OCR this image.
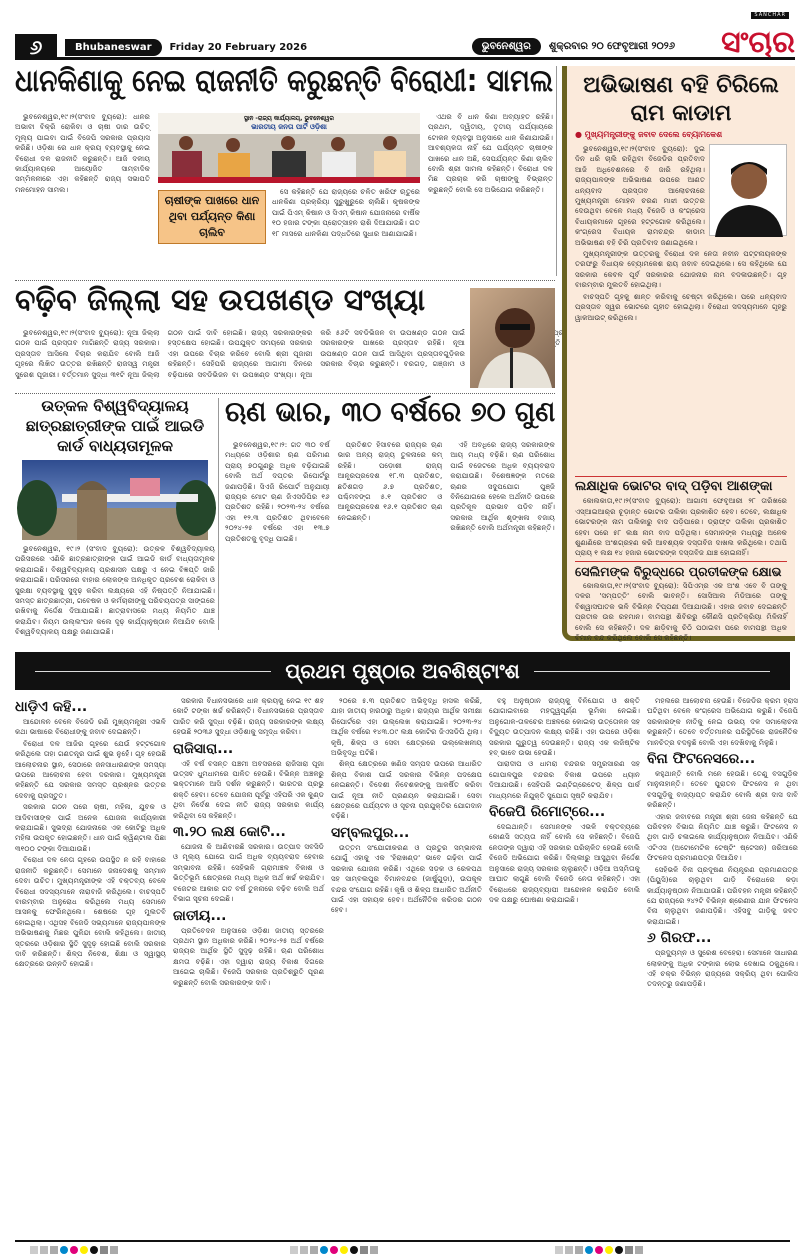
୬	Bhubaneswar	Friday 20 February 2026	ଭୁବନେଶ୍ୱର	ଶୁକ୍ରବାର ୨୦ ଫେବୃଆରୀ ୨୦୨୬ ସଂଚାର
SANCHAR
ଧାନକିଣାକୁ ନେଇ ରାଜନୀତି କରୁଛନ୍ତି ବିରୋଧୀ: ସାମଲ

ଭୁବନେଶ୍ୱର,୧୯।୨(ସଂବାଦ ବ୍ୟୁରୋ): ଧାନର ଅଭାବୀ ବିକ୍ରି ରୋକିବା ଓ ଚାଷୀ ଡାର ଉଚିତ୍ ମୂଲ୍ୟ ପାଇବା ପାଇଁ ବିଜେପି ସରକାର ପ୍ରୟାସ କରିଛି। ଓଡ଼ିଶା ରେ ଧାନ କ୍ରୟ ବ୍ୟବସ୍ଥାକୁ ନେଇ ବିରୋଧୀ ଦଳ ରାଜନୀତି କରୁଛନ୍ତି। ଆଜି ଦଳୀୟ କାର୍ଯ୍ୟାଳୟରେ ଆୟୋଜିତ ସାମ୍ବାଦିକ ସମ୍ମିଳନୀରେ ଏହା କହିଛନ୍ତି ରାଜ୍ୟ ସଭାପତି ମନମୋହନ ସାମଲ।

ସ୍ଥାନ -ରାଜ୍ୟ କାର୍ଯ୍ୟାଳୟ, ଭୁବନେଶ୍ୱର
ଭାରତୀୟ ଜନତା ପାର୍ଟି ଓଡ଼ିଶା
ଚାଷୀଙ୍କ ପାଖରେ ଧାନ ଥିବା ପର୍ଯ୍ୟନ୍ତ କିଣା ଚାଲିବ

ସେ କହିଛନ୍ତି ଯେ ରାଜ୍ୟରେ ଚଳିତ ଖରିଫ ଋତୁରେ ଧାନକିଣା ପ୍ରକ୍ରିୟା ସୁରୁଖୁରୁରେ ଚାଲିଛି। କୃଷକଙ୍କ ପାଇଁ ପିଏମ୍ କିଷାନ ଓ ସିଏମ୍ କିଷାନ ଯୋଜନାରେ ବାର୍ଷିକ ୧୦ ହଜାର ଟଙ୍କା ପ୍ରୋତ୍ସାହନ ରାଶି ଦିଆଯାଉଛି। ଗତ ୧୮ ମାସରେ ଧାନକିଣା ପଦ୍ଧତିରେ ସୁଧାର ଆଣାଯାଇଛି।

ଏଥର ବି ଧାନ କିଣା ଅବ୍ୟାହତ ରହିଛି। ପ୍ରଥମ, ଦ୍ୱିତୀୟ, ତୃତୀୟ ପର୍ଯ୍ୟାୟରେ ଟୋକନ ବ୍ୟବସ୍ଥା ଅନୁସାରେ ଧାନ କିଣାଯାଉଛି। ଆବଶ୍ୟକତା ନାହିଁ ଯେ ପର୍ଯ୍ୟନ୍ତ ଚାଷୀଙ୍କ ପାଖରେ ଧାନ ଅଛି, ସେପର୍ଯ୍ୟନ୍ତ କିଣା ଚାଲିବ ବୋଲି ଶ୍ରୀ ସାମଲ କହିଛନ୍ତି। ବିରୋଧୀ ଦଳ ମିଛ ପ୍ରଚାର କରି ଚାଷୀଙ୍କୁ ବିଭ୍ରାନ୍ତ କରୁଛନ୍ତି ବୋଲି ସେ ଅଭିଯୋଗ କରିଛନ୍ତି।

ଅଭିଭାଷଣ ବହି ଚିରିଲେ ରାମ କାଡାମ
● ମୁଖ୍ୟମନ୍ତ୍ରୀଙ୍କୁ ଜବାବ ଦେଲେ ବ୍ୟୋମକେଶ

ଭୁବନେଶ୍ୱର,୧୯।୨(ସଂବାଦ ବ୍ୟୁରୋ): ଦୁଇ ଦିନ ଧରି ଚାଲି ରହିଥିବା ବିଜେଡିର ପ୍ରତିବାଦ ଆଜି ଅଧିବେଶନରେ ବି ଜାରି ରହିଥିଲା। ରାଜ୍ୟପାଳଙ୍କ ଅଭିଭାଷଣ ଉପରେ ଆଣତ ଧନ୍ୟବାଦ ପ୍ରସ୍ତାବ ଆଲୋଚନାରେ ମୁଖ୍ୟମନ୍ତ୍ରୀ ମୋହନ ଚରଣ ମାଝୀ ଉତ୍ତର ଦେଉଥିବା ବେଳେ ମଧ୍ୟ ବିଜେଡି ଓ କଂଗ୍ରେସ ବିଧାୟକମାନେ ଗୃହରେ ହଟ୍ଟଗୋଳ କରିଥିଲେ। କଂଗ୍ରେସ ବିଧାୟକ ରାମଚନ୍ଦ୍ର କାଡାମ ଅଭିଭାଷଣ ବହି ଚିରି ପ୍ରତିବାଦ ଜଣାଇଥିଲେ।

ମୁଖ୍ୟମନ୍ତ୍ରୀଙ୍କ ଉତ୍ତରକୁ ବିରୋଧୀ ଦଳ ନେତା ନବୀନ ପଟ୍ଟନାୟକଙ୍କ ତରଫରୁ ବିଧାୟକ ବ୍ୟୋମକେଶ ରାୟ ଜବାବ ଦେଇଥିଲେ। ସେ କହିଥିଲେ ଯେ ସରକାର କେବଳ ପୂର୍ବ ସରକାରର ଯୋଜନାର ନାମ ବଦଳାଉଛନ୍ତି। ଗୃହ ବାରମ୍ବାର ମୁଲତବି ହୋଇଥିଲା।

ବାଚସ୍ପତି ଗୃହକୁ ଶାନ୍ତ କରିବାକୁ ଚେଷ୍ଟା କରିଥିଲେ। ପରେ ଧନ୍ୟବାଦ ପ୍ରସ୍ତାବ ସ୍ୱର ଭୋଟରେ ଗୃହୀତ ହୋଇଥିଲା। ବିରୋଧୀ ସଦସ୍ୟମାନେ ଗୃହରୁ ୱାକଆଉଟ୍ କରିଥିଲେ।

ଲକ୍ଷାଧିକ ଭୋଟର ବାଦ୍ ପଡ଼ିବା ଆଶଙ୍କା

କୋଲକାତା,୧୯।୨(ସଂବାଦ ବ୍ୟୁରୋ): ଆଗାମୀ ଫେବୃଆରୀ ୨୮ ତାରିଖରେ ଏସ୍‌ଆଇଆର୍‌ର ଚୂଡ଼ାନ୍ତ ଭୋଟର ତାଲିକା ପ୍ରକାଶିତ ହେବ। ତେବେ, ଲକ୍ଷାଧିକ ଭୋଟରଙ୍କ ନାମ ତାଲିକାରୁ ବାଦ ପଡ଼ିପାରେ। ଡ୍ରାଫ୍ଟ ତାଲିକା ପ୍ରକାଶିତ ହେବା ପରେ ୫୮ ଲକ୍ଷ ନାମ ବାଦ ପଡ଼ିଥିଲା। ସେମାନଙ୍କ ମଧ୍ୟରୁ ଅନେକ ଶୁଣାଣିରେ ଅଂଶଗ୍ରହଣ କରି ଆବଶ୍ୟକ ଦସ୍ତାବିଜ ଦାଖଲ କରିଥିଲେ। ତଥାପି ପ୍ରାୟ ୧ ଲକ୍ଷ ୧୪ ହଜାର ଭୋଟରଙ୍କ ଦସ୍ତାବିଜ ଯାଞ୍ଚ ହୋଇନାହିଁ।

ସେଲିମଙ୍କ ବିରୁଦ୍ଧରେ ପ୍ରତୀକଙ୍କ କ୍ଷୋଭ

କୋଲକାତା,୧୯।୨(ସଂବାଦ ବ୍ୟୁରୋ): ସିପିଏମ୍‌ର ଏକ ଅଂଶ ଏବେ ବି ତାଙ୍କୁ ଦଳର 'ସମ୍ପତ୍ତି' ବୋଲି ଭାବନ୍ତି। ସୋସିଆଲ ମିଡିଆରେ ତାଙ୍କୁ ବିଶ୍ୱାସଘାତକ ଭଳି ବିଭିନ୍ନ ଟିପ୍ପଣୀ ଦିଆଯାଉଛି। ଏହାର ଜବାବ ଦେଇଛନ୍ତି ପ୍ରତୀକ ଉର ରହମାନ। ବାମପନ୍ଥୀ ଶିବିରରୁ କୌଣସି ପ୍ରତିକ୍ରିୟା ମିଳିନାହିଁ ବୋଲି ସେ କହିଛନ୍ତି। ଦଳ ଛାଡ଼ିବାକୁ ଚିଠି ପଠାଇବା ପରେ ବାମପନ୍ଥୀ ଅଧିକ ବିମାନ ବନ୍ଦ କରିଥିଲେ ବୋଲି ସେ କହିଛନ୍ତି।

ବଢ଼ିବ ଜିଲ୍ଲା ସହ ଉପଖଣ୍ଡ ସଂଖ୍ୟା

ଭୁବନେଶ୍ୱର,୧୯।୨(ସଂବାଦ ବ୍ୟୁରୋ): ନୂଆ ଜିଲ୍ଲା ଗଠନ ପାଇଁ ପ୍ରସ୍ତାବ ମାଗିଛନ୍ତି ରାଜ୍ୟ ସରକାର। ପ୍ରସ୍ତାବ ଆସିଲେ ବିଚାର କରାଯିବ ବୋଲି ଆଜି ଗୃହରେ ଲିଖିତ ଉତ୍ତର ରଖିଛନ୍ତି ରାଜସ୍ୱ ମନ୍ତ୍ରୀ ସୁରେଶ ପୂଜାରୀ। ବର୍ତ୍ତମାନ ସୁଦ୍ଧା ୩୧ଟି ନୂଆ ଜିଲ୍ଲା ଗଠନ ପାଇଁ ଦାବି ହୋଇଛି। ରାଜ୍ୟ ସରକାରଙ୍କର ହସ୍ତକ୍ଷେପ ହୋଇଛି। ଉପଯୁକ୍ତ ସମୟରେ ସରକାର ଏହା ଉପରେ ବିଚାର କରିବେ ବୋଲି ଶ୍ରୀ ପୂଜାରୀ କହିଛନ୍ତି। ସେହିପରି ରାଜ୍ୟରେ ଆଗାମୀ ଦିନରେ ବଢ଼ିପାରେ ସବଡିଭିଜନ ବା ଉପଖଣ୍ଡ ସଂଖ୍ୟା। ନୂଆ କରି ୫୬ଟି ସବଡିଭିଜନ ବା ଉପଖଣ୍ଡ ଗଠନ ପାଇଁ ସରକାରଙ୍କ ପାଖରେ ପ୍ରସ୍ତାବ ରହିଛି। ନୂଆ ଉପଖଣ୍ଡ ଗଠନ ପାଇଁ ଆସିଥିବା ପ୍ରସ୍ତାବଗୁଡ଼ିକର ସରକାର ବିଚାର କରୁଛନ୍ତି। ବରଗଡ଼, ଗଞ୍ଜାମ ଓ

ଉତ୍କଳ ବିଶ୍ୱବିଦ୍ୟାଳୟ ଛାତ୍ରଛାତ୍ରୀଙ୍କ ପାଇଁ ଆଇଡି କାର୍ଡ ବାଧ୍ୟତାମୂଳକ

ଭୁବନେଶ୍ୱର, ୧୯।୨ (ସଂବାଦ ବ୍ୟୁରୋ): ଉତ୍କଳ ବିଶ୍ୱବିଦ୍ୟାଳୟ ପରିସରରେ ଏଣିକି ଛାତ୍ରଛାତ୍ରୀଙ୍କ ପାଇଁ ଆଇଡି କାର୍ଡ ବାଧ୍ୟତାମୂଳକ କରାଯାଇଛି। ବିଶ୍ୱବିଦ୍ୟାଳୟ ପ୍ରଶାସନ ପକ୍ଷରୁ ଏ ନେଇ ବିଜ୍ଞପ୍ତି ଜାରି କରାଯାଇଛି। ପରିସରରେ ବାହାର ଲୋକଙ୍କ ଅନଧିକୃତ ପ୍ରବେଶ ରୋକିବା ଓ ସୁରକ୍ଷା ବ୍ୟବସ୍ଥାକୁ ସୁଦୃଢ଼ କରିବା ଲକ୍ଷ୍ୟରେ ଏହି ନିଷ୍ପତ୍ତି ନିଆଯାଇଛି। ସମସ୍ତ ଛାତ୍ରଛାତ୍ରୀ, ଗବେଷକ ଓ କର୍ମଚାରୀଙ୍କୁ ପରିଚୟପତ୍ର ସାଙ୍ଗରେ ରଖିବାକୁ ନିର୍ଦ୍ଦେଶ ଦିଆଯାଇଛି। ଛାତ୍ରାବାସରେ ମଧ୍ୟ ନିୟମିତ ଯାଞ୍ଚ କରାଯିବ। ନିୟମ ଉଲ୍ଲଂଘନ କଲେ ଦୃଢ଼ କାର୍ଯ୍ୟାନୁଷ୍ଠାନ ନିଆଯିବ ବୋଲି ବିଶ୍ୱବିଦ୍ୟାଳୟ ପକ୍ଷରୁ ଜଣାଯାଇଛି।

ଋଣ ଭାର, ୩୦ ବର୍ଷରେ ୭୦ ଗୁଣ

ଭୁବନେଶ୍ୱର,୧୯।୨: ଗତ ୩୦ ବର୍ଷ ମଧ୍ୟରେ ଓଡ଼ିଶାର ଋଣ ପରିମାଣ ପ୍ରାୟ ୭୦ଗୁଣରୁ ଅଧିକ ବଢ଼ିଯାଇଛି ବୋଲି ଅର୍ଥ ଦପ୍ତର ରିପୋର୍ଟରୁ ଜଣାପଡ଼ିଛି। ସିଏଜି ରିପୋର୍ଟ ଅନୁଯାୟୀ ରାଜ୍ୟର ମୋଟ ଋଣ ଜିଏସଡିପିର ୧୬ ପ୍ରତିଶତ ରହିଛି। ୨୦୨୩-୨୪ ବର୍ଷରେ ଏହା ୧୨.୩ ପ୍ରତିଶତ ଥିବାବେଳେ ୨୦୨୪-୨୫ ବର୍ଷରେ ଏହା ୧୩.୭ ପ୍ରତିଶତକୁ ବୃଦ୍ଧି ପାଇଛି।

ପ୍ରତିଶତ ହିସାବରେ ରାଜ୍ୟର ଋଣ ଭାର ଅନ୍ୟ ରାଜ୍ୟ ତୁଳନାରେ କମ୍ ରହିଛି। ପଡ଼ୋଶୀ ରାଜ୍ୟ ଆନ୍ଧ୍ରପ୍ରଦେଶ ୧୮.୩ ପ୍ରତିଶତ, ଛତିଶଗଡ଼ ୬.୭ ପ୍ରତିଶତ, ପଶ୍ଚିମବଙ୍ଗ ୫.୧ ପ୍ରତିଶତ ଓ ଆନ୍ଧ୍ରପ୍ରଦେଶ ୧୬.୧ ପ୍ରତିଶତ ଋଣ ନେଇଛନ୍ତି।

ଏହି ଅବଧିରେ ରାଜ୍ୟ ସରକାରଙ୍କ ଆୟ ମଧ୍ୟ ବଢ଼ିଛି। ଋଣ ପରିଶୋଧ ପାଇଁ ବଜେଟରେ ଅଧିକ ବ୍ୟୟବରାଦ କରାଯାଉଛି। ବିଶେଷଜ୍ଞଙ୍କ ମତରେ ଋଣର ସଦୁପଯୋଗ ପୁଞ୍ଜି ବିନିଯୋଗରେ ହେଲେ ଅର୍ଥନୀତି ଉପରେ ପ୍ରତିକୂଳ ପ୍ରଭାବ ପଡ଼ିବ ନାହିଁ। ସରକାର ଆର୍ଥିକ ଶୃଙ୍ଖଳା ବଜାୟ ରଖିଛନ୍ତି ବୋଲି ଅର୍ଥମନ୍ତ୍ରୀ କହିଛନ୍ତି।

ପ୍ରଥମ ପୃଷ୍ଠାର ଅବଶିଷ୍ଟାଂଶ
ଧାଡ଼ିଏ କହି...

ଆନ୍ଦୋଳନ ବେଳେ ବିଜେଡି ରଣି ମୁଖ୍ୟମନ୍ତ୍ରୀ ଏଭଳି କଥା ଭାଷାରେ ବିରୋଧୀଙ୍କୁ ଜବାବ ଦେଇଛନ୍ତି।

ବିରୋଧୀ ଦଳ ଆଜିର ଗୃହରେ ଯେଉଁ ହଟ୍ଟଗୋଳ କରିଥିଲେ ତାହା ଗଣତନ୍ତ୍ର ପାଇଁ ଶୁଭ ନୁହେଁ। ଗୃହ ହେଉଛି ଆଲୋଚନାର ସ୍ଥାନ, ସେଠାରେ ଜନସାଧାରଣଙ୍କ ସମସ୍ୟା ଉପରେ ଆଲୋଚନା ହେବା ଦରକାର। ମୁଖ୍ୟମନ୍ତ୍ରୀ କହିଛନ୍ତି ଯେ ସରକାର ସମସ୍ତ ପ୍ରଶ୍ନର ଉତ୍ତର ଦେବାକୁ ପ୍ରସ୍ତୁତ।

ସରକାର ଗଠନ ପରେ ଚାଷୀ, ମହିଳା, ଯୁବକ ଓ ଆଦିବାସୀଙ୍କ ପାଇଁ ଅନେକ ଯୋଜନା କାର୍ଯ୍ୟକାରୀ କରାଯାଇଛି। ସୁଭଦ୍ରା ଯୋଜନାରେ ଏକ କୋଟିରୁ ଅଧିକ ମହିଳା ଉପକୃତ ହୋଇଛନ୍ତି। ଧାନ ପାଇଁ କ୍ୱିଣ୍ଟାଲ ପିଛା ୩୧୦୦ ଟଙ୍କା ଦିଆଯାଉଛି।

ବିରୋଧୀ ଦଳ ନେତା ଗୃହରେ ଉପସ୍ଥିତ ନ ରହି ବାହାରେ ରାଜନୀତି କରୁଛନ୍ତି। ସେମାନେ ଜନାଦେଶକୁ ସମ୍ମାନ ଦେବା ଉଚିତ। ମୁଖ୍ୟମନ୍ତ୍ରୀଙ୍କ ଏହି ବକ୍ତବ୍ୟ ବେଳେ ବିରୋଧୀ ସଦସ୍ୟମାନେ ନାରାବାଜି କରିଥିଲେ। ବାଚସ୍ପତି ବାରମ୍ବାର ଅନୁରୋଧ କରିଥିଲେ ମଧ୍ୟ ସେମାନେ ଆସନକୁ ଫେରିନଥିଲେ। ଶେଷରେ ଗୃହ ମୁଲତବି ହୋଇଥିଲା। ଏଥିସହ ବିଜେଡି ସଭ୍ୟମାନେ ରାଜ୍ୟପାଳଙ୍କ ଅଭିଭାଷଣକୁ ମିଛର ପୁଳିନ୍ଦା ବୋଲି କହିଥିଲେ। ଜାତୀୟ ସ୍ତରରେ ଓଡ଼ିଶାର ସ୍ଥିତି ସୁଦୃଢ଼ ହୋଇଛି ବୋଲି ସରକାର ଦାବି କରିଛନ୍ତି। ଶିଳ୍ପ ନିବେଶ, ଶିକ୍ଷା ଓ ସ୍ୱାସ୍ଥ୍ୟ କ୍ଷେତ୍ରରେ ଉନ୍ନତି ହୋଇଛି।

ସରକାର ବିଧାନସଭାରେ ଧାନ କ୍ରୟକୁ ନେଇ ୧୯ ଶହ କୋଟି ଟଙ୍କା ଖର୍ଚ୍ଚ କରିଛନ୍ତି। ବିଧାନସଭାରେ ପ୍ରସ୍ତାବ ପାରିତ କରି ସୁଦ୍ଧା ବଢ଼ିଛି। ରାଜ୍ୟ ସରକାରଙ୍କ ଲକ୍ଷ୍ୟ ହେଉଛି ୨୦୩୬ ସୁଦ୍ଧା ଓଡ଼ିଶାକୁ ସମୃଦ୍ଧ କରିବା।

ରାଜିସାରା...

ଏହି ବର୍ଷ ବସନ୍ତ ପଞ୍ଚମୀ ଅବସରରେ ରାଜିସାରା ପୂଜା ଉତ୍ସବ ଧୁମଧାମରେ ପାଳିତ ହେଉଛି। ବିଭିନ୍ନ ଅଞ୍ଚଳରୁ ଭକ୍ତମାନେ ଆସି ଦର୍ଶନ କରୁଛନ୍ତି। ଭାରତର ପ୍ରଭୁ ଶକ୍ତି ହେବା। ତେବେ ଯୋଜନା ପୂର୍ବରୁ ଏହିପରି ଏକ କୁଣ୍ଡ ଥିବା ନିର୍ଦେଶ ଦେଇ ନୀତି ରାଜ୍ୟ ସରକାର କାର୍ଯ୍ୟ କରିଥିବା ସେ କହିଛନ୍ତି।

୩.୨୦ ଲକ୍ଷ କୋଟି...

ଯୋଜନା କି ଆଣିବାରଛି ସରକାର। ଉତ୍ପାଦ ସବସିଡି ଓ ମୂଲ୍ୟ ଯୋଗେ ପାଇଁ ଅଧିକ ବ୍ୟୟବରାଦ ହେବାର ସମ୍ଭାବନା ରହିଛି। ସେହିଭଳି ଗ୍ରାମାଞ୍ଚଳ ବିକାଶ ଓ ଭିତ୍ତିଭୂମି କ୍ଷେତ୍ରରେ ମଧ୍ୟ ଅଧିକ ଅର୍ଥ ଖର୍ଚ୍ଚ କରାଯିବ। ବଜେଟର ଆକାର ଗତ ବର୍ଷ ତୁଳନାରେ ବଢ଼ିବ ବୋଲି ଅର୍ଥ ବିଭାଗ ସୂଚନା ଦେଇଛି।

ଜାତୀୟ...

ପ୍ରତିବେଦନ ଅନୁସାରେ ଓଡ଼ିଶା ଜାତୀୟ ସ୍ତରରେ ପ୍ରଥମ ସ୍ଥାନ ଅଧିକାର କରିଛି। ୨୦୨୪-୨୫ ଅର୍ଥ ବର୍ଷରେ ରାଜ୍ୟର ଆର୍ଥିକ ସ୍ଥିତି ସୁଦୃଢ଼ ରହିଛି। ଋଣ ପରିଶୋଧ କ୍ଷମତା ବଢ଼ିଛି। ଏହା ଦ୍ୱାରା ରାଜ୍ୟ ବିକାଶ ଦିଗରେ ଆଗେଇ ଚାଲିଛି। ବିଜେପି ସରକାର ପ୍ରତିଶ୍ରୁତି ପୂରଣ କରୁଛନ୍ତି ବୋଲି ସରକାରଙ୍କ ଦାବି।

୨୦ରେ ୫.୩ ପ୍ରତିଶତ ଅଭିବୃଦ୍ଧି ହାସଲ କରିଛି, ଯାହା ଜାତୀୟ ହାରଠାରୁ ଅଧିକ। ରାଜ୍ୟର ଆର୍ଥିକ ସମୀକ୍ଷା ରିପୋର୍ଟରେ ଏହା ଉଲ୍ଲେଖ କରାଯାଇଛି। ୨୦୨୩-୨୪ ଆର୍ଥିକ ବର୍ଷରେ ୧୪୩.୦୯ ଲକ୍ଷ କୋଟିର ଜିଏସଡିପି ଥିଲା। କୃଷି, ଶିଳ୍ପ ଓ ସେବା କ୍ଷେତ୍ରରେ ଉଲ୍ଲେଖନୀୟ ଅଭିବୃଦ୍ଧି ଘଟିଛି।

ଶିଳ୍ପ କ୍ଷେତ୍ରରେ ଖଣିଜ ସମ୍ପଦ ଉପରେ ଆଧାରିତ ଶିଳ୍ପ ବିକାଶ ପାଇଁ ସରକାର ବିଭିନ୍ନ ପଦକ୍ଷେପ ନେଇଛନ୍ତି। ବିଦେଶୀ ନିବେଶକଙ୍କୁ ଆକର୍ଷିତ କରିବା ପାଇଁ ନୂଆ ନୀତି ପ୍ରଣୟନ କରାଯାଇଛି। ସେବା କ୍ଷେତ୍ରରେ ପର୍ଯ୍ୟଟନ ଓ ସୂଚନା ପ୍ରଯୁକ୍ତିର ଯୋଗଦାନ ବଢ଼ିଛି।

ସମ୍ବଲପୁର...

ଉତ୍ତମ ସଂଯୋଗୀକରଣ ଓ ପ୍ରତୁର ସମ୍ଭାବନା ଯୋଗୁଁ ଏହାକୁ ଏକ 'ହିରାଖଣ୍ଡ' ଭାବେ ଗଢ଼ିବା ପାଇଁ ସରକାର ଯୋଜନା କରିଛି। ଏଥିରେ ସଡ଼କ ଓ ରେଳପଥ ସହ ସାମ୍ବଲପୁର ବିମାନବନ୍ଦର (ଜାର୍ଷୁଗୁଡ଼ା), ଉପକୂଳ ବନ୍ଦର ସଂଯୋଗ ରହିଛି। କୃଷି ଓ ଶିଳ୍ପ ଆଧାରିତ ଅର୍ଥନୀତି ପାଇଁ ଏହା ସହାୟକ ହେବ। ଅର୍ଥନୈତିକ କରିଡର ଗଠନ ହେବ।

ବହୁ ଅନୁଷ୍ଠାନ ରାଜ୍ୟକୁ ବିନିଯୋଗ ଓ ଶକ୍ତି ଯୋଗାଇବାରେ ମହତ୍ତ୍ୱପୂର୍ଣ୍ଣ ଭୂମିକା ନେଇଛି। ଅନୁଗୋଳ-ତାଳଚେର ଅଞ୍ଚଳରେ କୋଇଲା ଉତ୍ତୋଳନ ସହ ବିଦ୍ୟୁତ ଉତ୍ପାଦନ ଲକ୍ଷ୍ୟ ରହିଛି। ଏହା ଉପରେ ଓଡ଼ିଶା ସରକାର ଗୁରୁତ୍ୱ ଦେଉଛନ୍ତି। ରାଜ୍ୟ ଏକ ଲଜିଷ୍ଟିକ ହବ୍ ଭାବେ ଉଭା ହେଉଛି।

ପାରାଦୀପ ଓ ଧାମରା ବନ୍ଦରର ସମ୍ପ୍ରସାରଣ ସହ ଗୋପାଳପୁର ବନ୍ଦରର ବିକାଶ ଉପରେ ଧ୍ୟାନ ଦିଆଯାଉଛି। ସେହିପରି ଇଣ୍ଟିଗ୍ରେଟେଡ୍ ଶିଳ୍ପ ପାର୍କ ମାଧ୍ୟମରେ ନିଯୁକ୍ତି ସୁଯୋଗ ସୃଷ୍ଟି କରାଯିବ।

ବିଜେପି ରିମୋଟ୍‌ରେ...

ଦେଇଥାନ୍ତି। ସେମାନଙ୍କ ଏଭଳି ବକ୍ତବ୍ୟରେ କୋଣସି ସତ୍ୟତା ନାହିଁ ବୋଲି ସେ କହିଛନ୍ତି। ବିଜେପି ନେତାଙ୍କ ଦ୍ୱାରା ଏହି ସରକାର ପରିଚାଳିତ ହେଉଛି ବୋଲି ବିଜେଡି ଅଭିଯୋଗ କରିଛି। ଦିଲ୍ଲୀରୁ ଆସୁଥିବା ନିର୍ଦ୍ଦେଶ ଅନୁସାରେ ରାଜ୍ୟ ସରକାର ଚାଲୁଛନ୍ତି। ଓଡ଼ିଆ ଅସ୍ମିତାକୁ ଆଘାତ ଲାଗୁଛି ବୋଲି ବିଜେଡି ନେତା କହିଛନ୍ତି। ଏହା ବିରୋଧରେ ରାଜ୍ୟବ୍ୟାପୀ ଆନ୍ଦୋଳନ କରାଯିବ ବୋଲି ଦଳ ପକ୍ଷରୁ ଘୋଷଣା କରାଯାଇଛି।

ମହଲରେ ଆଲୋଚନା ହେଉଛି। ବିଜେଡିର କ୍ରମ ହ୍ରାସ ଘଟିଥିବା ବେଳେ କଂଗ୍ରେସ ଅଭିଯୋଗ କରୁଛି। ବିଜେପି ସରକାରଙ୍କ ନୀତିକୁ ନେଇ ଉଭୟ ଦଳ ସମାଲୋଚନା କରୁଛନ୍ତି। ତେବେ ବର୍ତ୍ତମାନର ପରିସ୍ଥିତିରେ ରାଜନୈତିକ ମାନଚିତ୍ର ବଦଳୁଛି ବୋଲି ଏହା ଦେଖିବାକୁ ମିଳୁଛି।

ବିନା ଫିଟନେସରେ...

କହୁଥାନ୍ତି ବୋଲି ମନେ ହେଉଛି। ତେଣୁ ବସଗୁଡ଼ିକ ମାନୁନାହାନ୍ତି। ତେବେ ପୁରାତନ ଫିଟନେସ ନ ଥିବା ବସଗୁଡ଼ିକୁ ବାଜ୍ୟାପ୍ତ କରାଯିବ ବୋଲି ଶ୍ରୀ ଦାସ ଦାବି କରିଛନ୍ତି।

ଏହାର ଜବାବରେ ମନ୍ତ୍ରୀ ଶ୍ରୀ ଜେନା କହିଛନ୍ତି ଯେ ପରିବହନ ବିଭାଗ ନିୟମିତ ଯାଞ୍ଚ କରୁଛି। ଫିଟନେସ ନ ଥିବା ଗାଡ଼ି ଚଳାଇଲେ କାର୍ଯ୍ୟାନୁଷ୍ଠାନ ନିଆଯିବ। ଏଣିକି ଏଟିଏସ (ଅଟୋମେଟିକ ଟେଷ୍ଟିଂ ଷ୍ଟେସନ) ଜରିଆରେ ଫିଟନେସ ପ୍ରମାଣପତ୍ର ଦିଆଯିବ।

ସେହିଭଳି ବିନା ପ୍ରଦୂଷଣ ନିୟନ୍ତ୍ରଣ ପ୍ରମାଣପତ୍ର (ପିୟୁସି)ରେ ଚାଲୁଥିବା ଗାଡ଼ି ବିରୋଧରେ କଡ଼ା କାର୍ଯ୍ୟାନୁଷ୍ଠାନ ନିଆଯାଉଛି। ପରିବହନ ମନ୍ତ୍ରୀ କହିଛନ୍ତି ଯେ ରାଜ୍ୟରେ ୨୪୨ଟି ବିଭିନ୍ନ ଶ୍ରେଣୀର ଯାନ ଫିଟନେସ ବିନା ଚାଲୁଥିବା ଜଣାପଡ଼ିଛି। ଏହିସବୁ ଗାଡ଼ିକୁ ଜବତ କରାଯାଇଛି।

୬ ଗିରଫ...

ପ୍ରଦ୍ୟୁମ୍ନ ଓ ସୁରେଶ ବେହେରା। ସେମାନେ ସାଧାରଣ ଲୋକଙ୍କୁ ଅଧିକ ଟଙ୍କାର ଲୋଭ ଦେଖାଇ ଠକୁଥିଲେ। ଏହି ଚକ୍ର ବିଭିନ୍ନ ରାଜ୍ୟରେ ସକ୍ରିୟ ଥିବା ପୋଲିସ ତଦନ୍ତରୁ ଜଣାପଡ଼ିଛି।
